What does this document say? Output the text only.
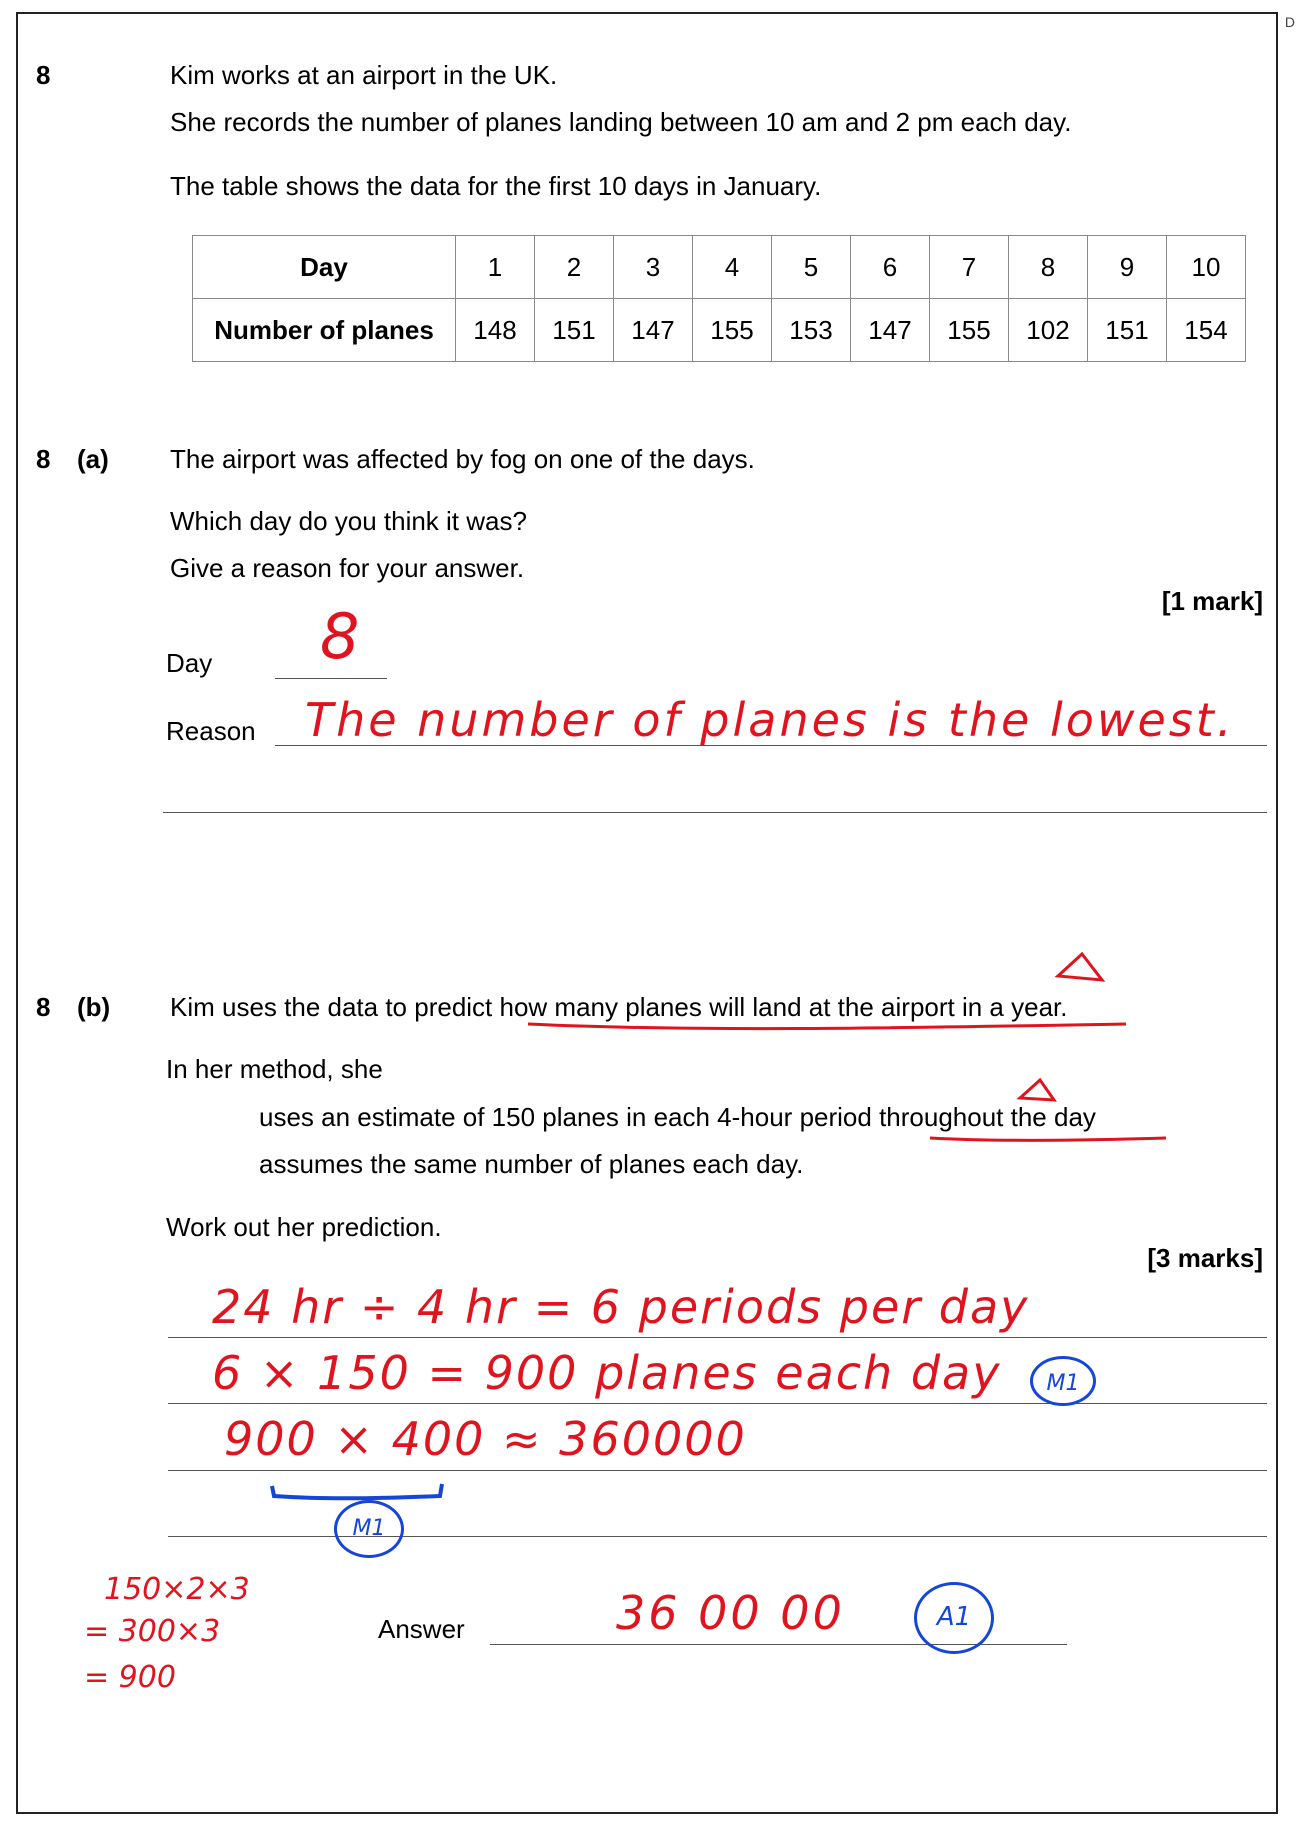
D
8	Kim works at an airport in the UK.
She records the number of planes landing between 10 am and 2 pm each day.
The table shows the data for the first 10 days in January.
Day	1	2	3	4	5	6	7	8	9	10
Number of planes	148	151	147	155	153	147	155	102	151	154
8 (a) The airport was affected by fog on one of the days.
Which day do you think it was?
Give a reason for your answer.
[1 mark]
Day 8
Reason The number of planes is the lowest.
8 (b) Kim uses the data to predict how many planes will land at the airport in a year.
In her method, she
uses an estimate of 150 planes in each 4-hour period throughout the day
assumes the same number of planes each day.
Work out her prediction.
[3 marks]
24 hr ÷ 4 hr = 6 periods per day
6 × 150 = 900 planes each day
900 × 400 ≈ 360000
150×2×3
= 300×3
= 900
Answer	36 00 00
M1
M1
A1
